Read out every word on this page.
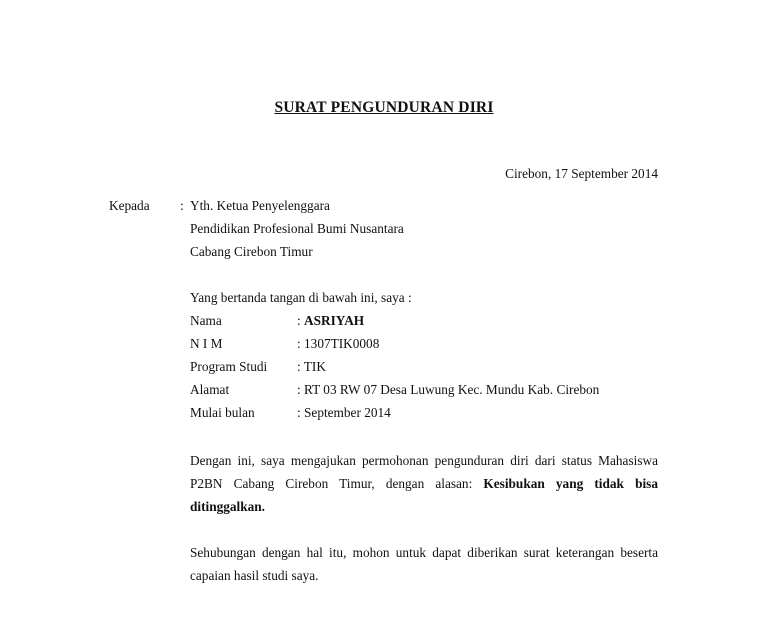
SURAT PENGUNDURAN DIRI
Cirebon, 17 September 2014
Kepada : Yth. Ketua Penyelenggara
Pendidikan Profesional Bumi Nusantara
Cabang Cirebon Timur
Yang bertanda tangan di bawah ini, saya :
Nama	: ASRIYAH
N I M	: 1307TIK0008
Program Studi : TIK
Alamat	: RT 03 RW 07 Desa Luwung Kec. Mundu Kab. Cirebon
Mulai bulan	: September 2014
Dengan ini, saya mengajukan permohonan pengunduran diri dari status Mahasiswa P2BN Cabang Cirebon Timur, dengan alasan: Kesibukan yang tidak bisa ditinggalkan.
Sehubungan dengan hal itu, mohon untuk dapat diberikan surat keterangan beserta capaian hasil studi saya.
